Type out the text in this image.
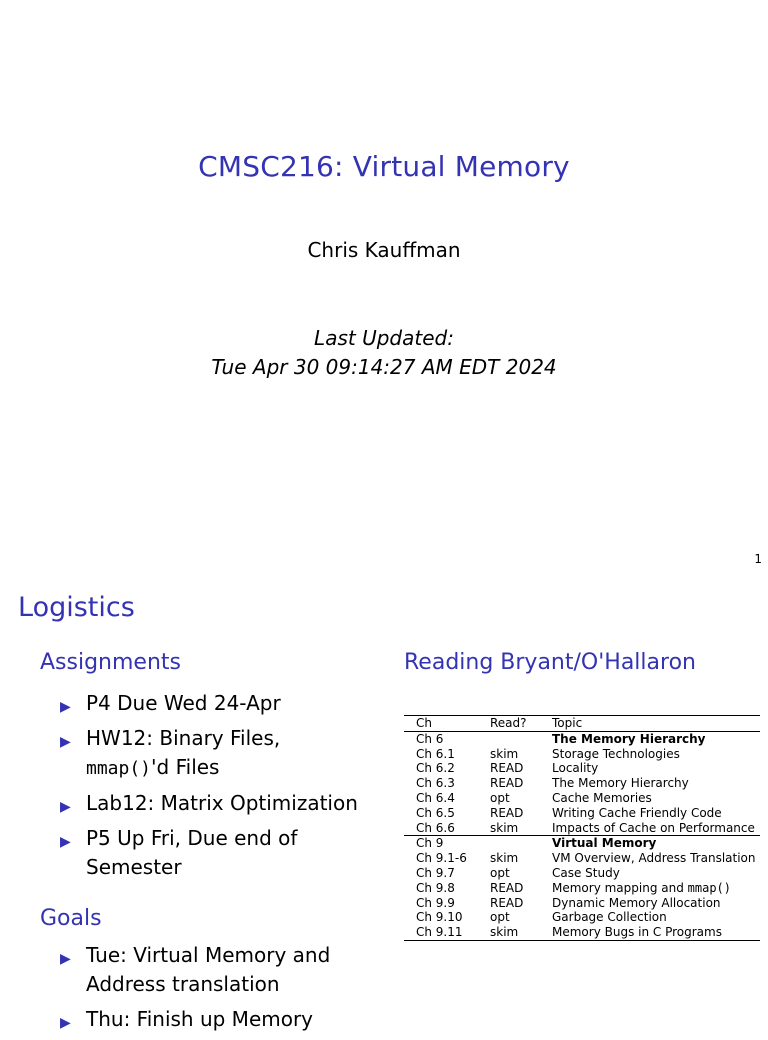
CMSC216: Virtual Memory
Chris Kauffman
Last Updated:
Tue Apr 30 09:14:27 AM EDT 2024
1
Logistics
Assignments
▶ P4 Due Wed 24-Apr
▶ HW12: Binary Files,
mmap()'d Files
▶ Lab12: Matrix Optimization
▶ P5 Up Fri, Due end of
Semester
Goals
▶ Tue: Virtual Memory and
Address translation
▶ Thu: Finish up Memory
Reading Bryant/O'Hallaron
Ch	Read?	Topic
Ch 6		The Memory Hierarchy
Ch 6.1	skim	Storage Technologies
Ch 6.2	READ	Locality
Ch 6.3	READ	The Memory Hierarchy
Ch 6.4	opt	Cache Memories
Ch 6.5	READ	Writing Cache Friendly Code
Ch 6.6	skim	Impacts of Cache on Performance
Ch 9		Virtual Memory
Ch 9.1-6	skim	VM Overview, Address Translation
Ch 9.7	opt	Case Study
Ch 9.8	READ	Memory mapping and mmap()
Ch 9.9	READ	Dynamic Memory Allocation
Ch 9.10	opt	Garbage Collection
Ch 9.11	skim	Memory Bugs in C Programs
